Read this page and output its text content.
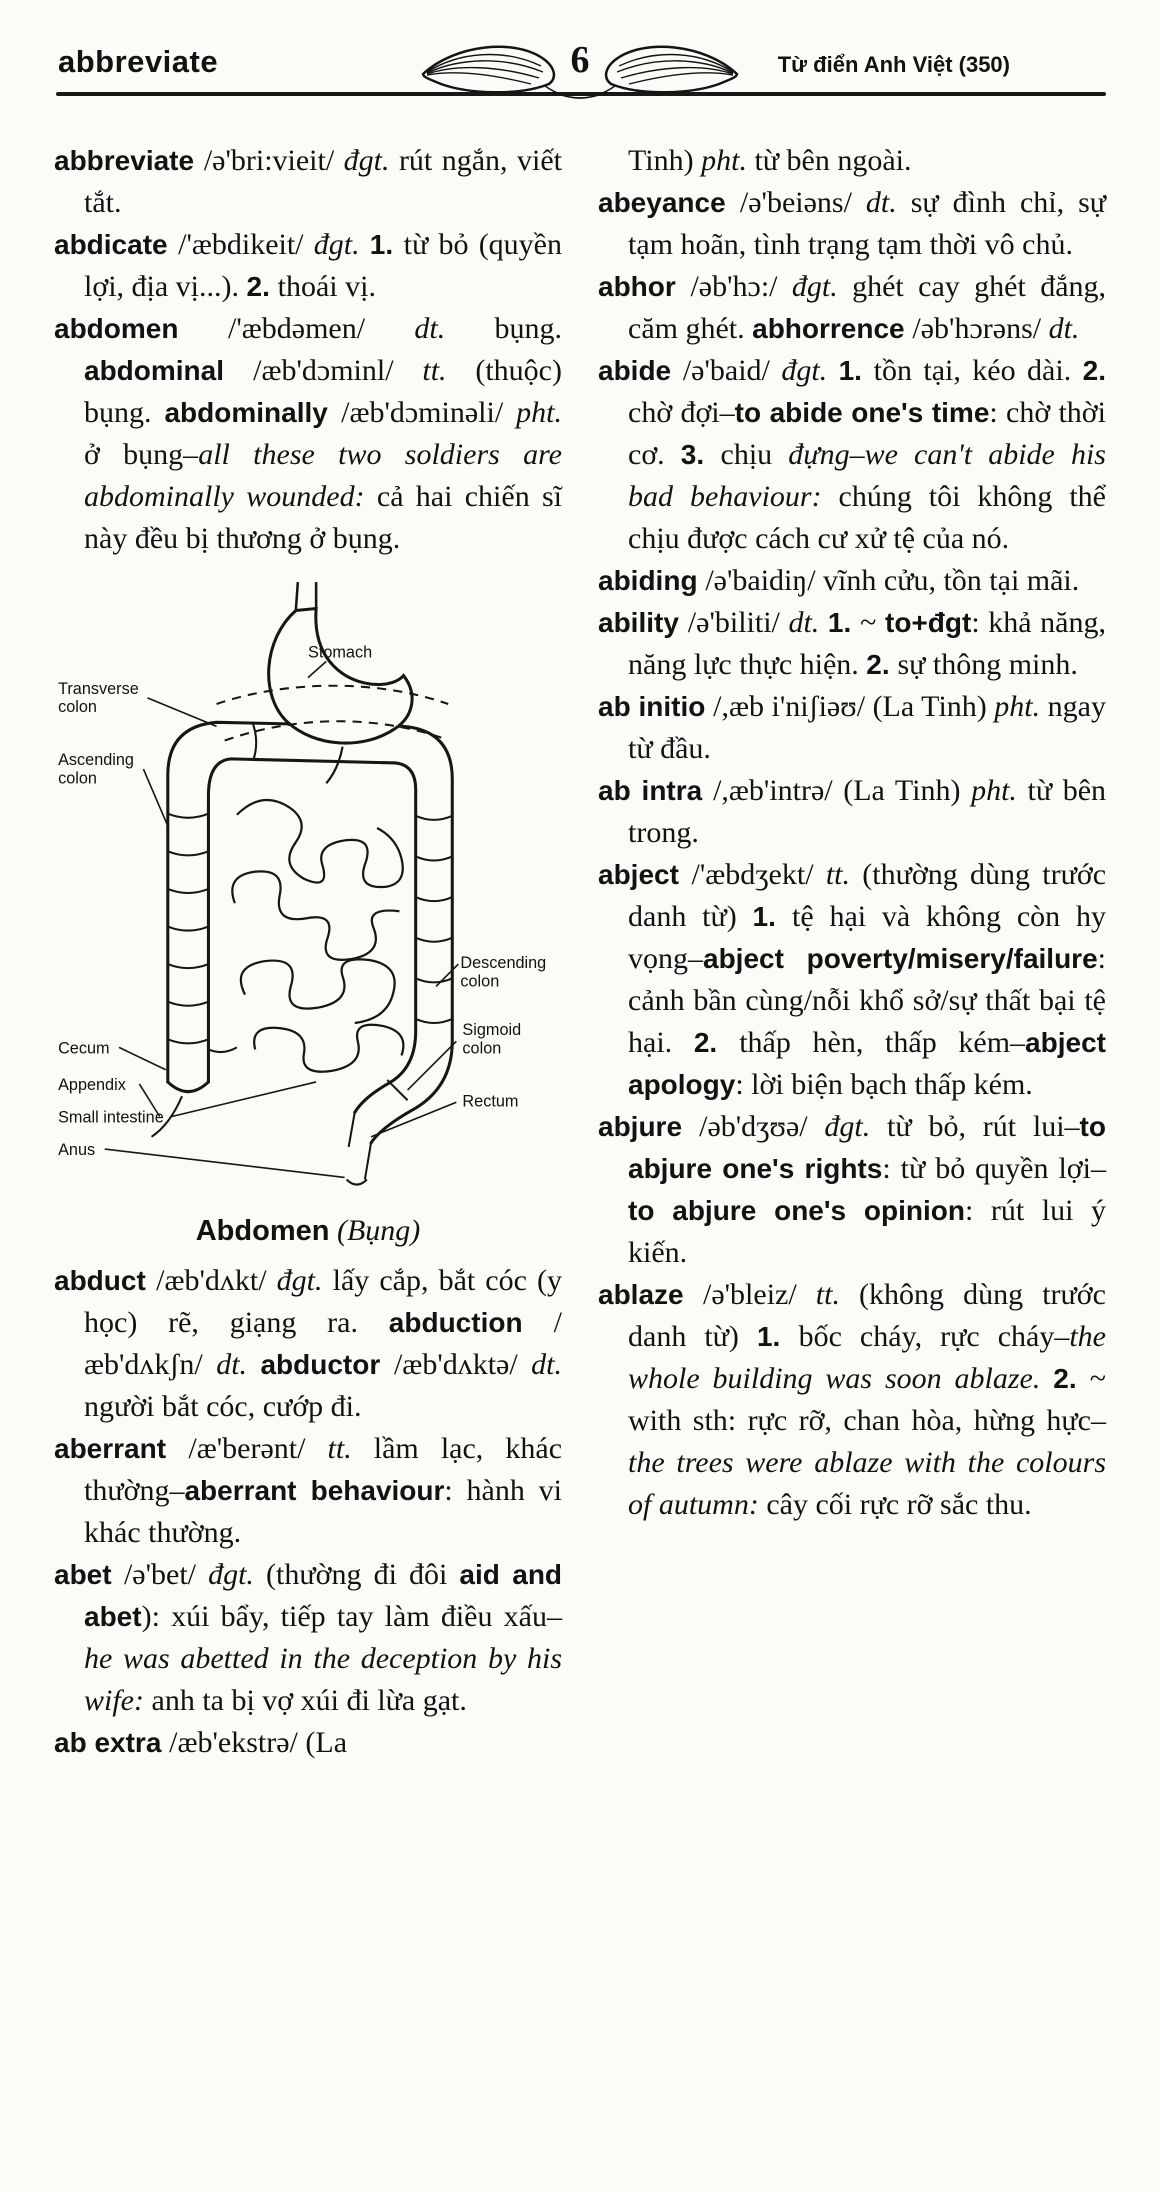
abbreviate	Từ điển Anh Việt (350)
6

abbreviate /ə'bri:vieit/ đgt. rút ngắn, viết tắt.

abdicate /'æbdikeit/ đgt. 1. từ bỏ (quyền lợi, địa vị...). 2. thoái vị.

abdomen /'æbdəmen/ dt. bụng. abdominal /æb'dɔminl/ tt. (thuộc) bụng. abdominally /æb'dɔminəli/ pht. ở bụng–all these two soldiers are abdominally wounded: cả hai chiến sĩ này đều bị thương ở bụng.

Transverse
colon
Ascending
colon
Stomach
Cecum
Appendix
Small intestine
Anus
Descending
colon
Sigmoid
colon
Rectum
Abdomen (Bụng)

abduct /æb'dʌkt/ đgt. lấy cắp, bắt cóc (y học) rẽ, giạng ra. abduction /æb'dʌkʃn/ dt. abductor /æb'dʌktə/ dt. người bắt cóc, cướp đi.

aberrant /æ'berənt/ tt. lầm lạc, khác thường–aberrant behaviour: hành vi khác thường.

abet /ə'bet/ đgt. (thường đi đôi aid and abet): xúi bẩy, tiếp tay làm điều xấu–he was abetted in the deception by his wife: anh ta bị vợ xúi đi lừa gạt.

ab extra /æb'ekstrə/ (La

Tinh) pht. từ bên ngoài.

abeyance /ə'beiəns/ dt. sự đình chỉ, sự tạm hoãn, tình trạng tạm thời vô chủ.

abhor /əb'hɔ:/ đgt. ghét cay ghét đắng, căm ghét. abhorrence /əb'hɔrəns/ dt.

abide /ə'baid/ đgt. 1. tồn tại, kéo dài. 2. chờ đợi–to abide one's time: chờ thời cơ. 3. chịu đựng–we can't abide his bad behaviour: chúng tôi không thể chịu được cách cư xử tệ của nó.

abiding /ə'baidiŋ/ vĩnh cửu, tồn tại mãi.

ability /ə'biliti/ dt. 1. ~ to+đgt: khả năng, năng lực thực hiện. 2. sự thông minh.

ab initio /,æb i'niʃiəʊ/ (La Tinh) pht. ngay từ đầu.

ab intra /,æb'intrə/ (La Tinh) pht. từ bên trong.

abject /'æbdʒekt/ tt. (thường dùng trước danh từ) 1. tệ hại và không còn hy vọng–abject poverty/misery/failure: cảnh bần cùng/nỗi khổ sở/sự thất bại tệ hại. 2. thấp hèn, thấp kém–abject apology: lời biện bạch thấp kém.

abjure /əb'dʒʊə/ đgt. từ bỏ, rút lui–to abjure one's rights: từ bỏ quyền lợi–to abjure one's opinion: rút lui ý kiến.

ablaze /ə'bleiz/ tt. (không dùng trước danh từ) 1. bốc cháy, rực cháy–the whole building was soon ablaze. 2. ~ with sth: rực rỡ, chan hòa, hừng hực–the trees were ablaze with the colours of autumn: cây cối rực rỡ sắc thu.
